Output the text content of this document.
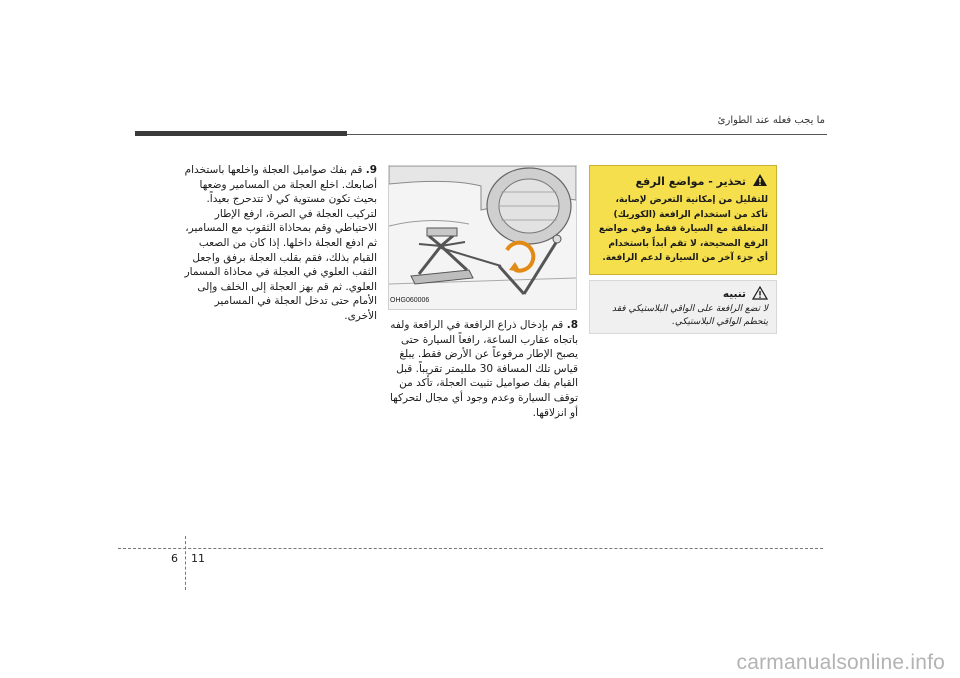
ما يجب فعله عند الطوارئ
9. قم بفك صواميل العجلة واخلعها باستخدام أصابعك. اخلع العجلة من المسامير وضعها بحيث تكون مستوية كي لا تتدحرج بعيداً. لتركيب العجلة في الصرة، ارفع الإطار الاحتياطي وقم بمحاذاة الثقوب مع المسامير، ثم ادفع العجلة داخلها. إذا كان من الصعب القيام بذلك، فقم بقلب العجلة برفق واجعل الثقب العلوي في العجلة في محاذاة المسمار العلوي. ثم قم بهز العجلة إلى الخلف وإلى الأمام حتى تدخل العجلة في المسامير الأخرى.
OHG060006
8. قم بإدخال ذراع الرافعة في الرافعة ولفه باتجاه عقارب الساعة، رافعاً السيارة حتى يصبح الإطار مرفوعاً عن الأرض فقط. يبلغ قياس تلك المسافة 30 ملليمتر تقريباً. قبل القيام بفك صواميل تثبيت العجلة، تأكد من توقف السيارة وعدم وجود أي مجال لتحركها أو انزلاقها.
تحذير - مواضع الرفع
للتقليل من إمكانية التعرض لإصابة، تأكد من استخدام الرافعة (الكوريك) المتعلقة مع السيارة فقط وفي مواضع الرفع الصحيحة، لا تقم أبداً باستخدام أي جزء آخر من السيارة لدعم الرافعة.
تنبيه
لا تضع الرافعة على الواقي البلاستيكي فقد يتحطم الواقي البلاستيكي.
6 11
carmanualsonline.info
